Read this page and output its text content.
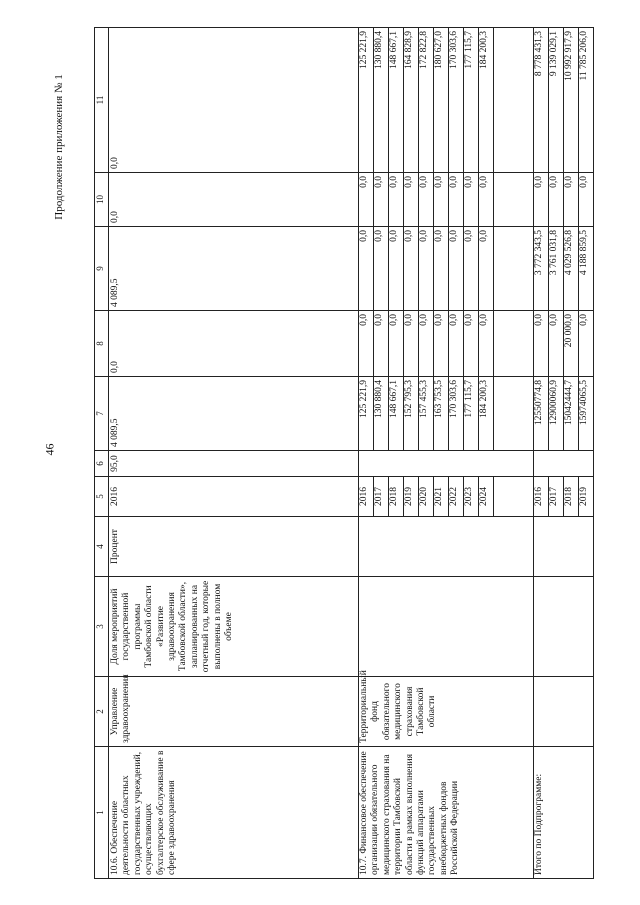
46
Продолжение приложения № 1
1	2	3	4	5	6	7	8	9	10	11
10.6. Обеспечение деятельности областных государственных учреждений, осуществляющих бухгалтерское обслуживание в сфере здравоохранения	Управление здравоохранения	Доля мероприятий государственной программы Тамбовской области «Развитие здравоохранения Тамбовской области», запланированных на отчетный год, которые выполнены в полном объеме	Процент	2016	95,0	4 089,5	0,0	4 089,5	0,0	0,0
10.7. Финансовое обеспечение организации обязательного медицинского страхования на территории Тамбовской области в рамках выполнения функций аппаратами государственных внебюджетных фондов Российской Федерации	Территориальный фонд обязательного медицинского страхования Тамбовской области			2016		125 221,9	0,0	0,0	0,0	125 221,9
				2017		130 880,4	0,0	0,0	0,0	130 880,4
				2018		148 667,1	0,0	0,0	0,0	148 667,1
				2019		152 795,3	0,0	0,0	0,0	164 828,9
				2020		157 455,3	0,0	0,0	0,0	172 822,8
				2021		163 753,5	0,0	0,0	0,0	180 627,0
				2022		170 303,6	0,0	0,0	0,0	170 303,6
				2023		177 115,7	0,0	0,0	0,0	177 115,7
				2024		184 200,3	0,0	0,0	0,0	184 200,3

Итого по Подпрограмме:				2016		12550774,8	0,0	3 772 343,5	0,0	8 778 431,3
				2017		12900060,9	0,0	3 761 031,8	0,0	9 139 029,1
				2018		15042444,7	20 000,0	4 029 526,8	0,0	10 992 917,9
				2019		15974065,5	0,0	4 188 859,5	0,0	11 785 206,0
